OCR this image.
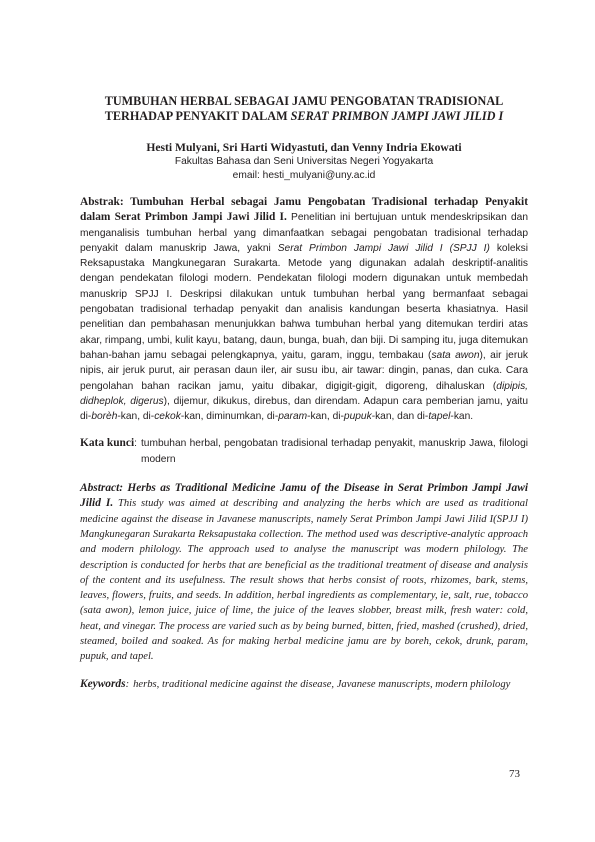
TUMBUHAN HERBAL SEBAGAI JAMU PENGOBATAN TRADISIONAL
TERHADAP PENYAKIT DALAM SERAT PRIMBON JAMPI JAWI JILID I
Hesti Mulyani, Sri Harti Widyastuti, dan Venny Indria Ekowati
Fakultas Bahasa dan Seni Universitas Negeri Yogyakarta
email: hesti_mulyani@uny.ac.id
Abstrak: Tumbuhan Herbal sebagai Jamu Pengobatan Tradisional terhadap Penyakit dalam Serat Primbon Jampi Jawi Jilid I. Penelitian ini bertujuan untuk mendeskripsikan dan menganalisis tumbuhan herbal yang dimanfaatkan sebagai pengobatan tradisional terhadap penyakit dalam manuskrip Jawa, yakni Serat Primbon Jampi Jawi Jilid I (SPJJ I) koleksi Reksapustaka Mangkunegaran Surakarta. Metode yang digunakan adalah deskriptif-analitis dengan pendekatan filologi modern. Pendekatan filologi modern digunakan untuk membedah manuskrip SPJJ I. Deskripsi dilakukan untuk tumbuhan herbal yang bermanfaat sebagai pengobatan tradisional terhadap penyakit dan analisis kandungan beserta khasiatnya. Hasil penelitian dan pembahasan menunjukkan bahwa tumbuhan herbal yang ditemukan terdiri atas akar, rimpang, umbi, kulit kayu, batang, daun, bunga, buah, dan biji. Di samping itu, juga ditemukan bahan-bahan jamu sebagai pelengkapnya, yaitu, garam, inggu, tembakau (sata awon), air jeruk nipis, air jeruk purut, air perasan daun iler, air susu ibu, air tawar: dingin, panas, dan cuka. Cara pengolahan bahan racikan jamu, yaitu dibakar, digigit-gigit, digoreng, dihaluskan (dipipis, didheplok, digerus), dijemur, dikukus, direbus, dan direndam. Adapun cara pemberian jamu, yaitu di-borèh-kan, di-cekok-kan, diminumkan, di-param-kan, di-pupuk-kan, dan di-tapel-kan.
Kata kunci : tumbuhan herbal, pengobatan tradisional terhadap penyakit, manuskrip Jawa, filologi modern
Abstract: Herbs as Traditional Medicine Jamu of the Disease in Serat Primbon Jampi Jawi Jilid I. This study was aimed at describing and analyzing the herbs which are used as traditional medicine against the disease in Javanese manuscripts, namely Serat Primbon Jampi Jawi Jilid I(SPJJ I) Mangkunegaran Surakarta Reksapustaka collection. The method used was descriptive-analytic approach and modern philology. The approach used to analyse the manuscript was modern philology. The description is conducted for herbs that are beneficial as the traditional treatment of disease and analysis of the content and its usefulness. The result shows that herbs consist of roots, rhizomes, bark, stems, leaves, flowers, fruits, and seeds. In addition, herbal ingredients as complementary, ie, salt, rue, tobacco (sata awon), lemon juice, juice of lime, the juice of the leaves slobber, breast milk, fresh water: cold, heat, and vinegar. The process are varied such as by being burned, bitten, fried, mashed (crushed), dried, steamed, boiled and soaked. As for making herbal medicine jamu are by boreh, cekok, drunk, param, pupuk, and tapel.
Keywords : herbs, traditional medicine against the disease, Javanese manuscripts, modern philology
73
